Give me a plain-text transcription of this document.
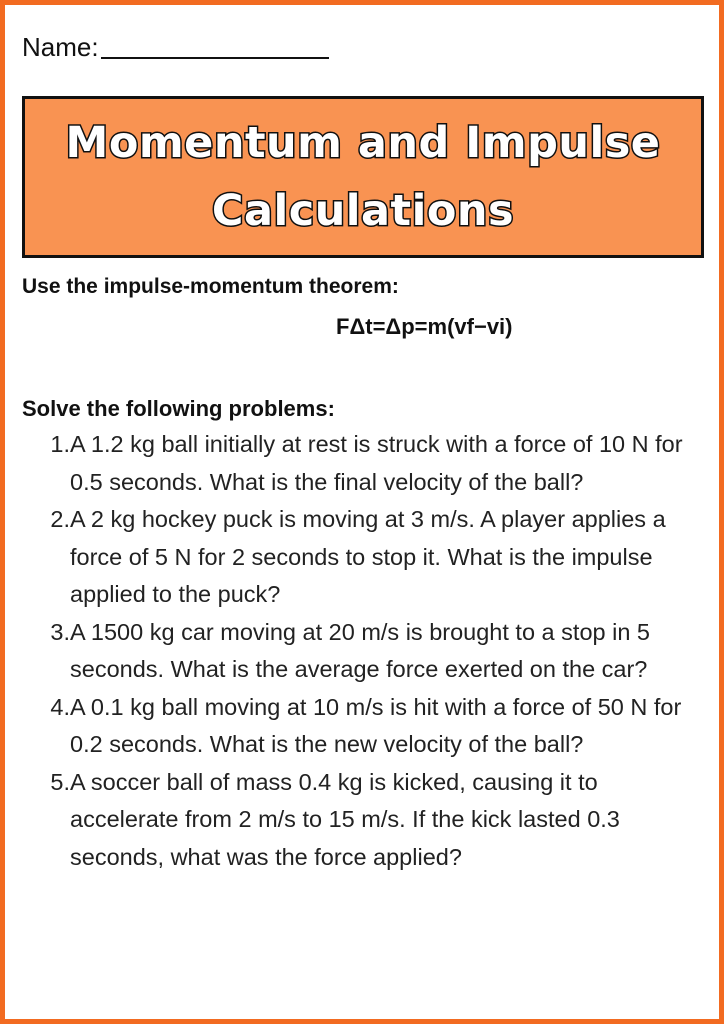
Name:
Momentum and Impulse
Calculations
Use the impulse-momentum theorem:
FΔt=Δp=m(vf−vi)
Solve the following problems:
1. A 1.2 kg ball initially at rest is struck with a force of 10 N for 0.5 seconds. What is the final velocity of the ball?
2. A 2 kg hockey puck is moving at 3 m/s. A player applies a force of 5 N for 2 seconds to stop it. What is the impulse applied to the puck?
3. A 1500 kg car moving at 20 m/s is brought to a stop in 5 seconds. What is the average force exerted on the car?
4. A 0.1 kg ball moving at 10 m/s is hit with a force of 50 N for 0.2 seconds. What is the new velocity of the ball?
5. A soccer ball of mass 0.4 kg is kicked, causing it to accelerate from 2 m/s to 15 m/s. If the kick lasted 0.3 seconds, what was the force applied?
